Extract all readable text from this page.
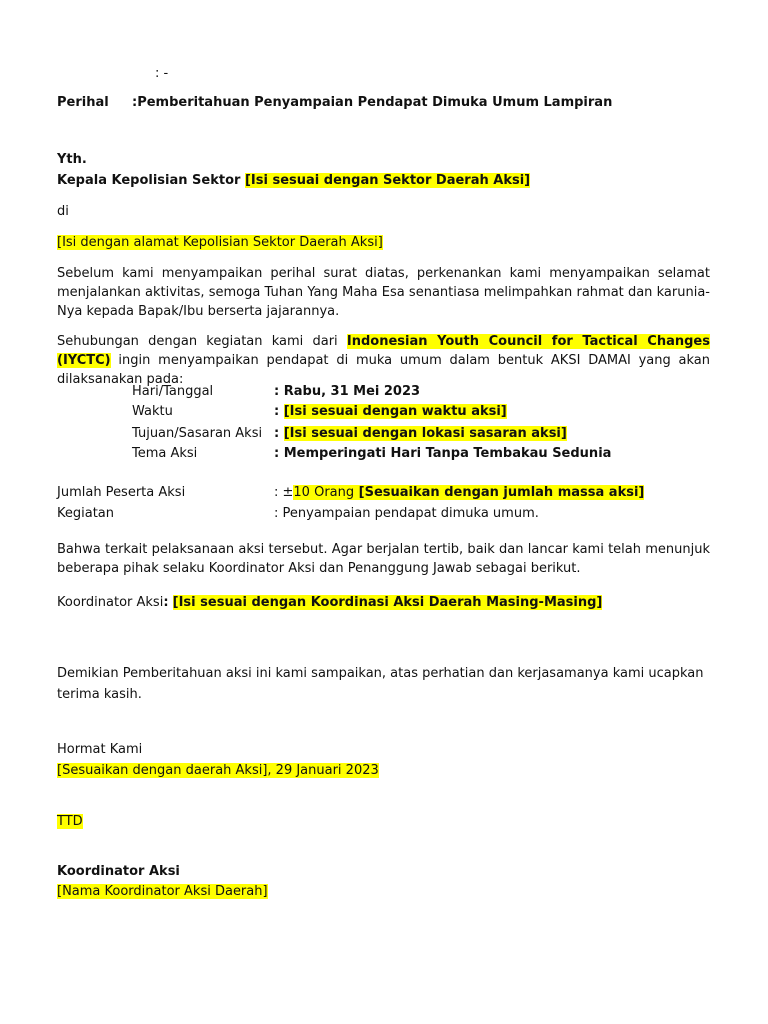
: -
Perihal :Pemberitahuan Penyampaian Pendapat Dimuka Umum Lampiran
Yth.
Kepala Kepolisian Sektor [Isi sesuai dengan Sektor Daerah Aksi]
di
[Isi dengan alamat Kepolisian Sektor Daerah Aksi]
Sebelum kami menyampaikan perihal surat diatas, perkenankan kami menyampaikan selamat menjalankan aktivitas, semoga Tuhan Yang Maha Esa senantiasa melimpahkan rahmat dan karunia-Nya kepada Bapak/Ibu berserta jajarannya.
Sehubungan dengan kegiatan kami dari Indonesian Youth Council for Tactical Changes (IYCTC) ingin menyampaikan pendapat di muka umum dalam bentuk AKSI DAMAI yang akan dilaksanakan pada:
Hari/Tanggal	: Rabu, 31 Mei 2023
Waktu	: [Isi sesuai dengan waktu aksi]
Tujuan/Sasaran Aksi : [Isi sesuai dengan lokasi sasaran aksi]
Tema Aksi	: Memperingati Hari Tanpa Tembakau Sedunia
Jumlah Peserta Aksi	: ±10 Orang [Sesuaikan dengan jumlah massa aksi]
Kegiatan	: Penyampaian pendapat dimuka umum.
Bahwa terkait pelaksanaan aksi tersebut. Agar berjalan tertib, baik dan lancar kami telah menunjuk beberapa pihak selaku Koordinator Aksi dan Penanggung Jawab sebagai berikut.
Koordinator Aksi: [Isi sesuai dengan Koordinasi Aksi Daerah Masing-Masing]
Demikian Pemberitahuan aksi ini kami sampaikan, atas perhatian dan kerjasamanya kami ucapkan terima kasih.
Hormat Kami
[Sesuaikan dengan daerah Aksi], 29 Januari 2023
TTD
Koordinator Aksi
[Nama Koordinator Aksi Daerah]
